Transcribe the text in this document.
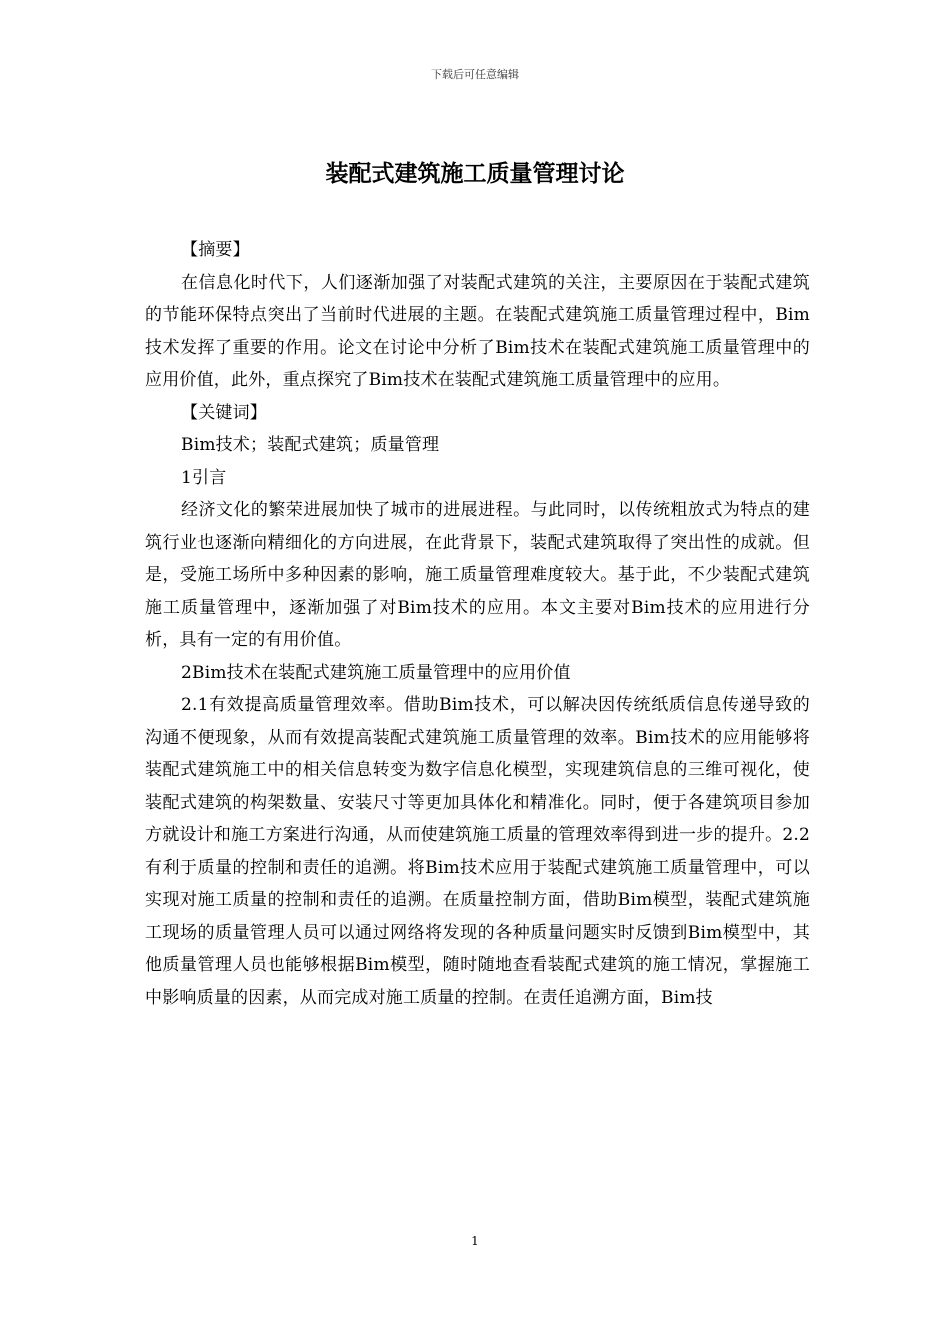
下载后可任意编辑
装配式建筑施工质量管理讨论

【摘要】

在信息化时代下，人们逐渐加强了对装配式建筑的关注，主要原因在于装配式建筑的节能环保特点突出了当前时代进展的主题。在装配式建筑施工质量管理过程中，Bim技术发挥了重要的作用。论文在讨论中分析了Bim技术在装配式建筑施工质量管理中的应用价值，此外，重点探究了Bim技术在装配式建筑施工质量管理中的应用。

【关键词】

Bim技术；装配式建筑；质量管理

1引言

经济文化的繁荣进展加快了城市的进展进程。与此同时，以传统粗放式为特点的建筑行业也逐渐向精细化的方向进展，在此背景下，装配式建筑取得了突出性的成就。但是，受施工场所中多种因素的影响，施工质量管理难度较大。基于此，不少装配式建筑施工质量管理中，逐渐加强了对Bim技术的应用。本文主要对Bim技术的应用进行分析，具有一定的有用价值。

2Bim技术在装配式建筑施工质量管理中的应用价值

2.1有效提高质量管理效率。借助Bim技术，可以解决因传统纸质信息传递导致的沟通不便现象，从而有效提高装配式建筑施工质量管理的效率。Bim技术的应用能够将装配式建筑施工中的相关信息转变为数字信息化模型，实现建筑信息的三维可视化，使装配式建筑的构架数量、安装尺寸等更加具体化和精准化。同时，便于各建筑项目参加方就设计和施工方案进行沟通，从而使建筑施工质量的管理效率得到进一步的提升。2.2有利于质量的控制和责任的追溯。将Bim技术应用于装配式建筑施工质量管理中，可以实现对施工质量的控制和责任的追溯。在质量控制方面，借助Bim模型，装配式建筑施工现场的质量管理人员可以通过网络将发现的各种质量问题实时反馈到Bim模型中，其他质量管理人员也能够根据Bim模型，随时随地查看装配式建筑的施工情况，掌握施工中影响质量的因素，从而完成对施工质量的控制。在责任追溯方面，Bim技

1
